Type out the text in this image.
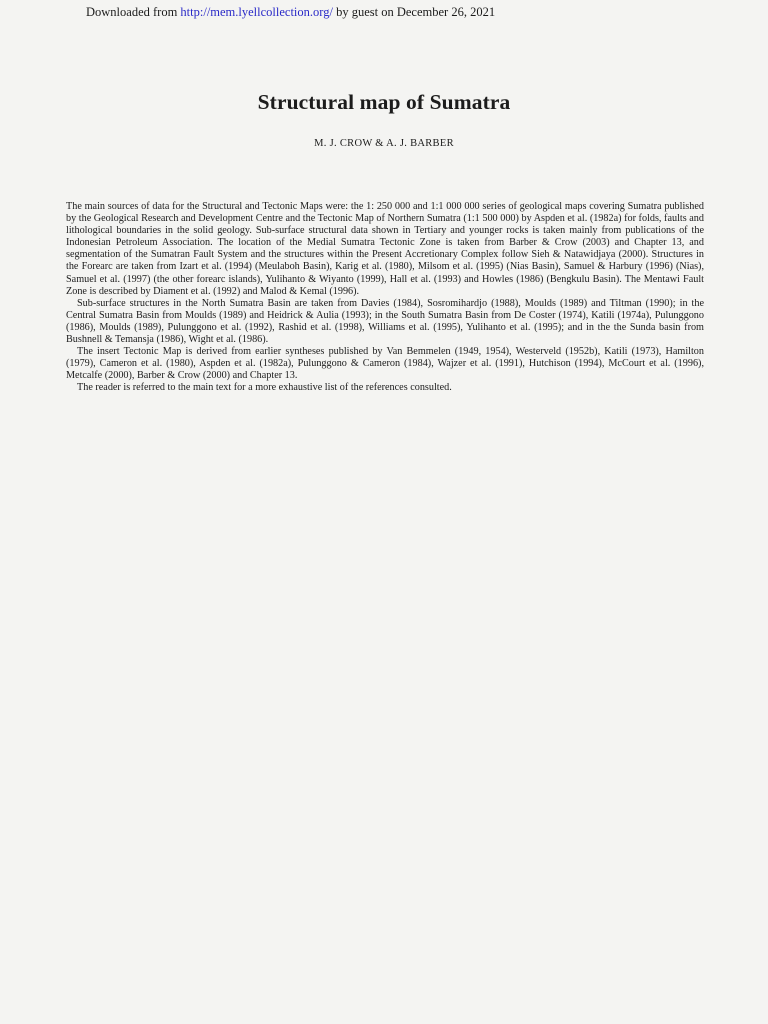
Downloaded from http://mem.lyellcollection.org/ by guest on December 26, 2021
Structural map of Sumatra
M. J. CROW & A. J. BARBER

The main sources of data for the Structural and Tectonic Maps were: the 1: 250 000 and 1:1 000 000 series of geological maps covering Sumatra published by the Geological Research and Development Centre and the Tectonic Map of Northern Sumatra (1:1 500 000) by Aspden et al. (1982a) for folds, faults and lithological boundaries in the solid geology. Sub-surface structural data shown in Tertiary and younger rocks is taken mainly from publications of the Indonesian Petroleum Association. The location of the Medial Sumatra Tectonic Zone is taken from Barber & Crow (2003) and Chapter 13, and segmentation of the Sumatran Fault System and the structures within the Present Accretionary Complex follow Sieh & Natawidjaya (2000). Structures in the Forearc are taken from Izart et al. (1994) (Meulaboh Basin), Karig et al. (1980), Milsom et al. (1995) (Nias Basin), Samuel & Harbury (1996) (Nias), Samuel et al. (1997) (the other forearc islands), Yulihanto & Wiyanto (1999), Hall et al. (1993) and Howles (1986) (Bengkulu Basin). The Mentawi Fault Zone is described by Diament et al. (1992) and Malod & Kemal (1996).

Sub-surface structures in the North Sumatra Basin are taken from Davies (1984), Sosromihardjo (1988), Moulds (1989) and Tiltman (1990); in the Central Sumatra Basin from Moulds (1989) and Heidrick & Aulia (1993); in the South Sumatra Basin from De Coster (1974), Katili (1974a), Pulunggono (1986), Moulds (1989), Pulunggono et al. (1992), Rashid et al. (1998), Williams et al. (1995), Yulihanto et al. (1995); and in the the Sunda basin from Bushnell & Temansja (1986), Wight et al. (1986).

The insert Tectonic Map is derived from earlier syntheses published by Van Bemmelen (1949, 1954), Westerveld (1952b), Katili (1973), Hamilton (1979), Cameron et al. (1980), Aspden et al. (1982a), Pulunggono & Cameron (1984), Wajzer et al. (1991), Hutchison (1994), McCourt et al. (1996), Metcalfe (2000), Barber & Crow (2000) and Chapter 13.

The reader is referred to the main text for a more exhaustive list of the references consulted.
